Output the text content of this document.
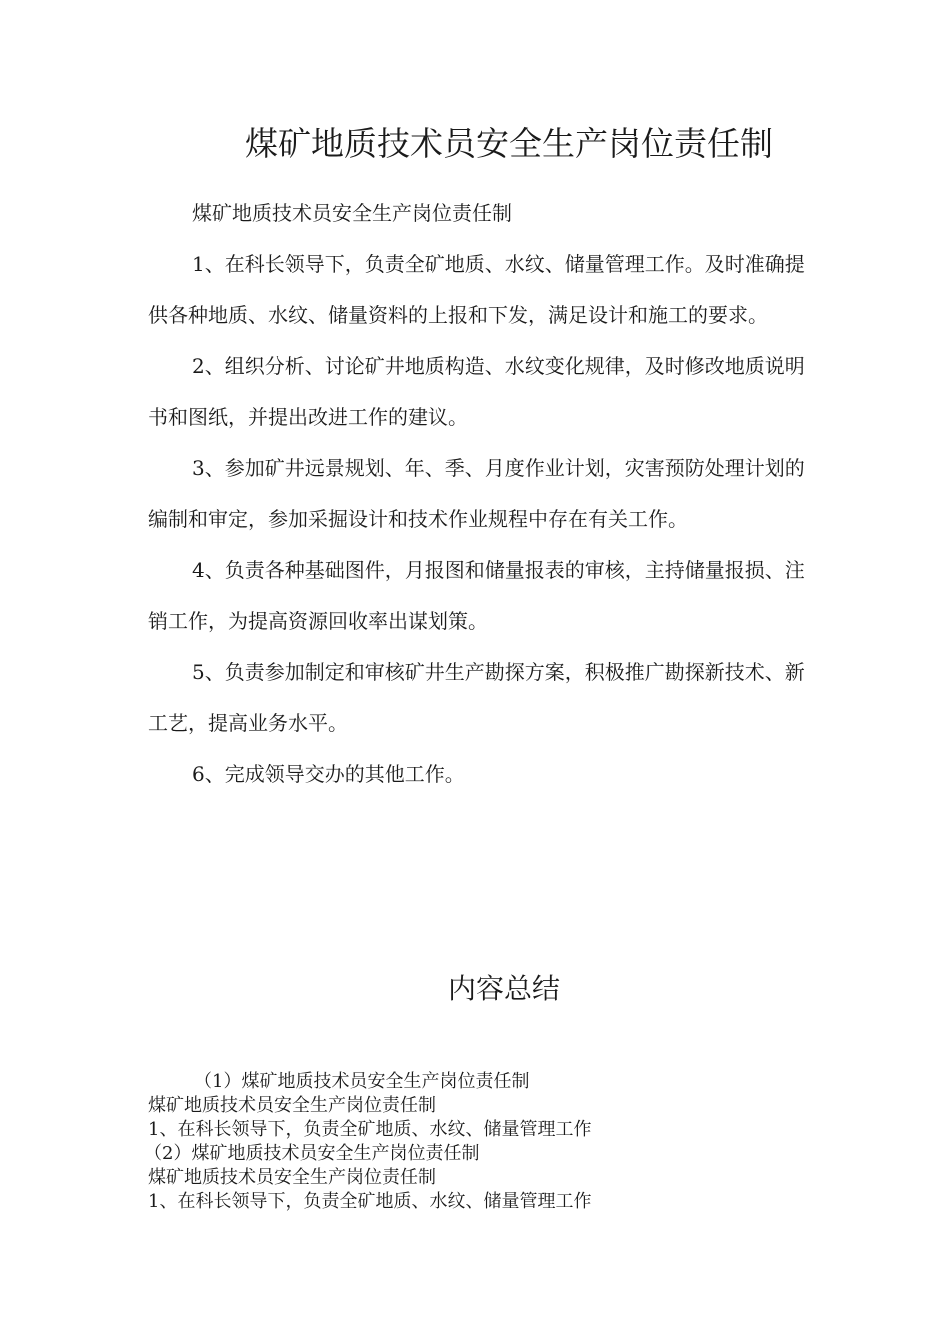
煤矿地质技术员安全生产岗位责任制

煤矿地质技术员安全生产岗位责任制

1、在科长领导下，负责全矿地质、水纹、储量管理工作。及时准确提供各种地质、水纹、储量资料的上报和下发，满足设计和施工的要求。

2、组织分析、讨论矿井地质构造、水纹变化规律，及时修改地质说明书和图纸，并提出改进工作的建议。

3、参加矿井远景规划、年、季、月度作业计划，灾害预防处理计划的编制和审定，参加采掘设计和技术作业规程中存在有关工作。

4、负责各种基础图件，月报图和储量报表的审核，主持储量报损、注销工作，为提高资源回收率出谋划策。

5、负责参加制定和审核矿井生产勘探方案，积极推广勘探新技术、新工艺，提高业务水平。

6、完成领导交办的其他工作。

内容总结
（1）煤矿地质技术员安全生产岗位责任制
煤矿地质技术员安全生产岗位责任制
1、在科长领导下，负责全矿地质、水纹、储量管理工作
（2）煤矿地质技术员安全生产岗位责任制
煤矿地质技术员安全生产岗位责任制
1、在科长领导下，负责全矿地质、水纹、储量管理工作
